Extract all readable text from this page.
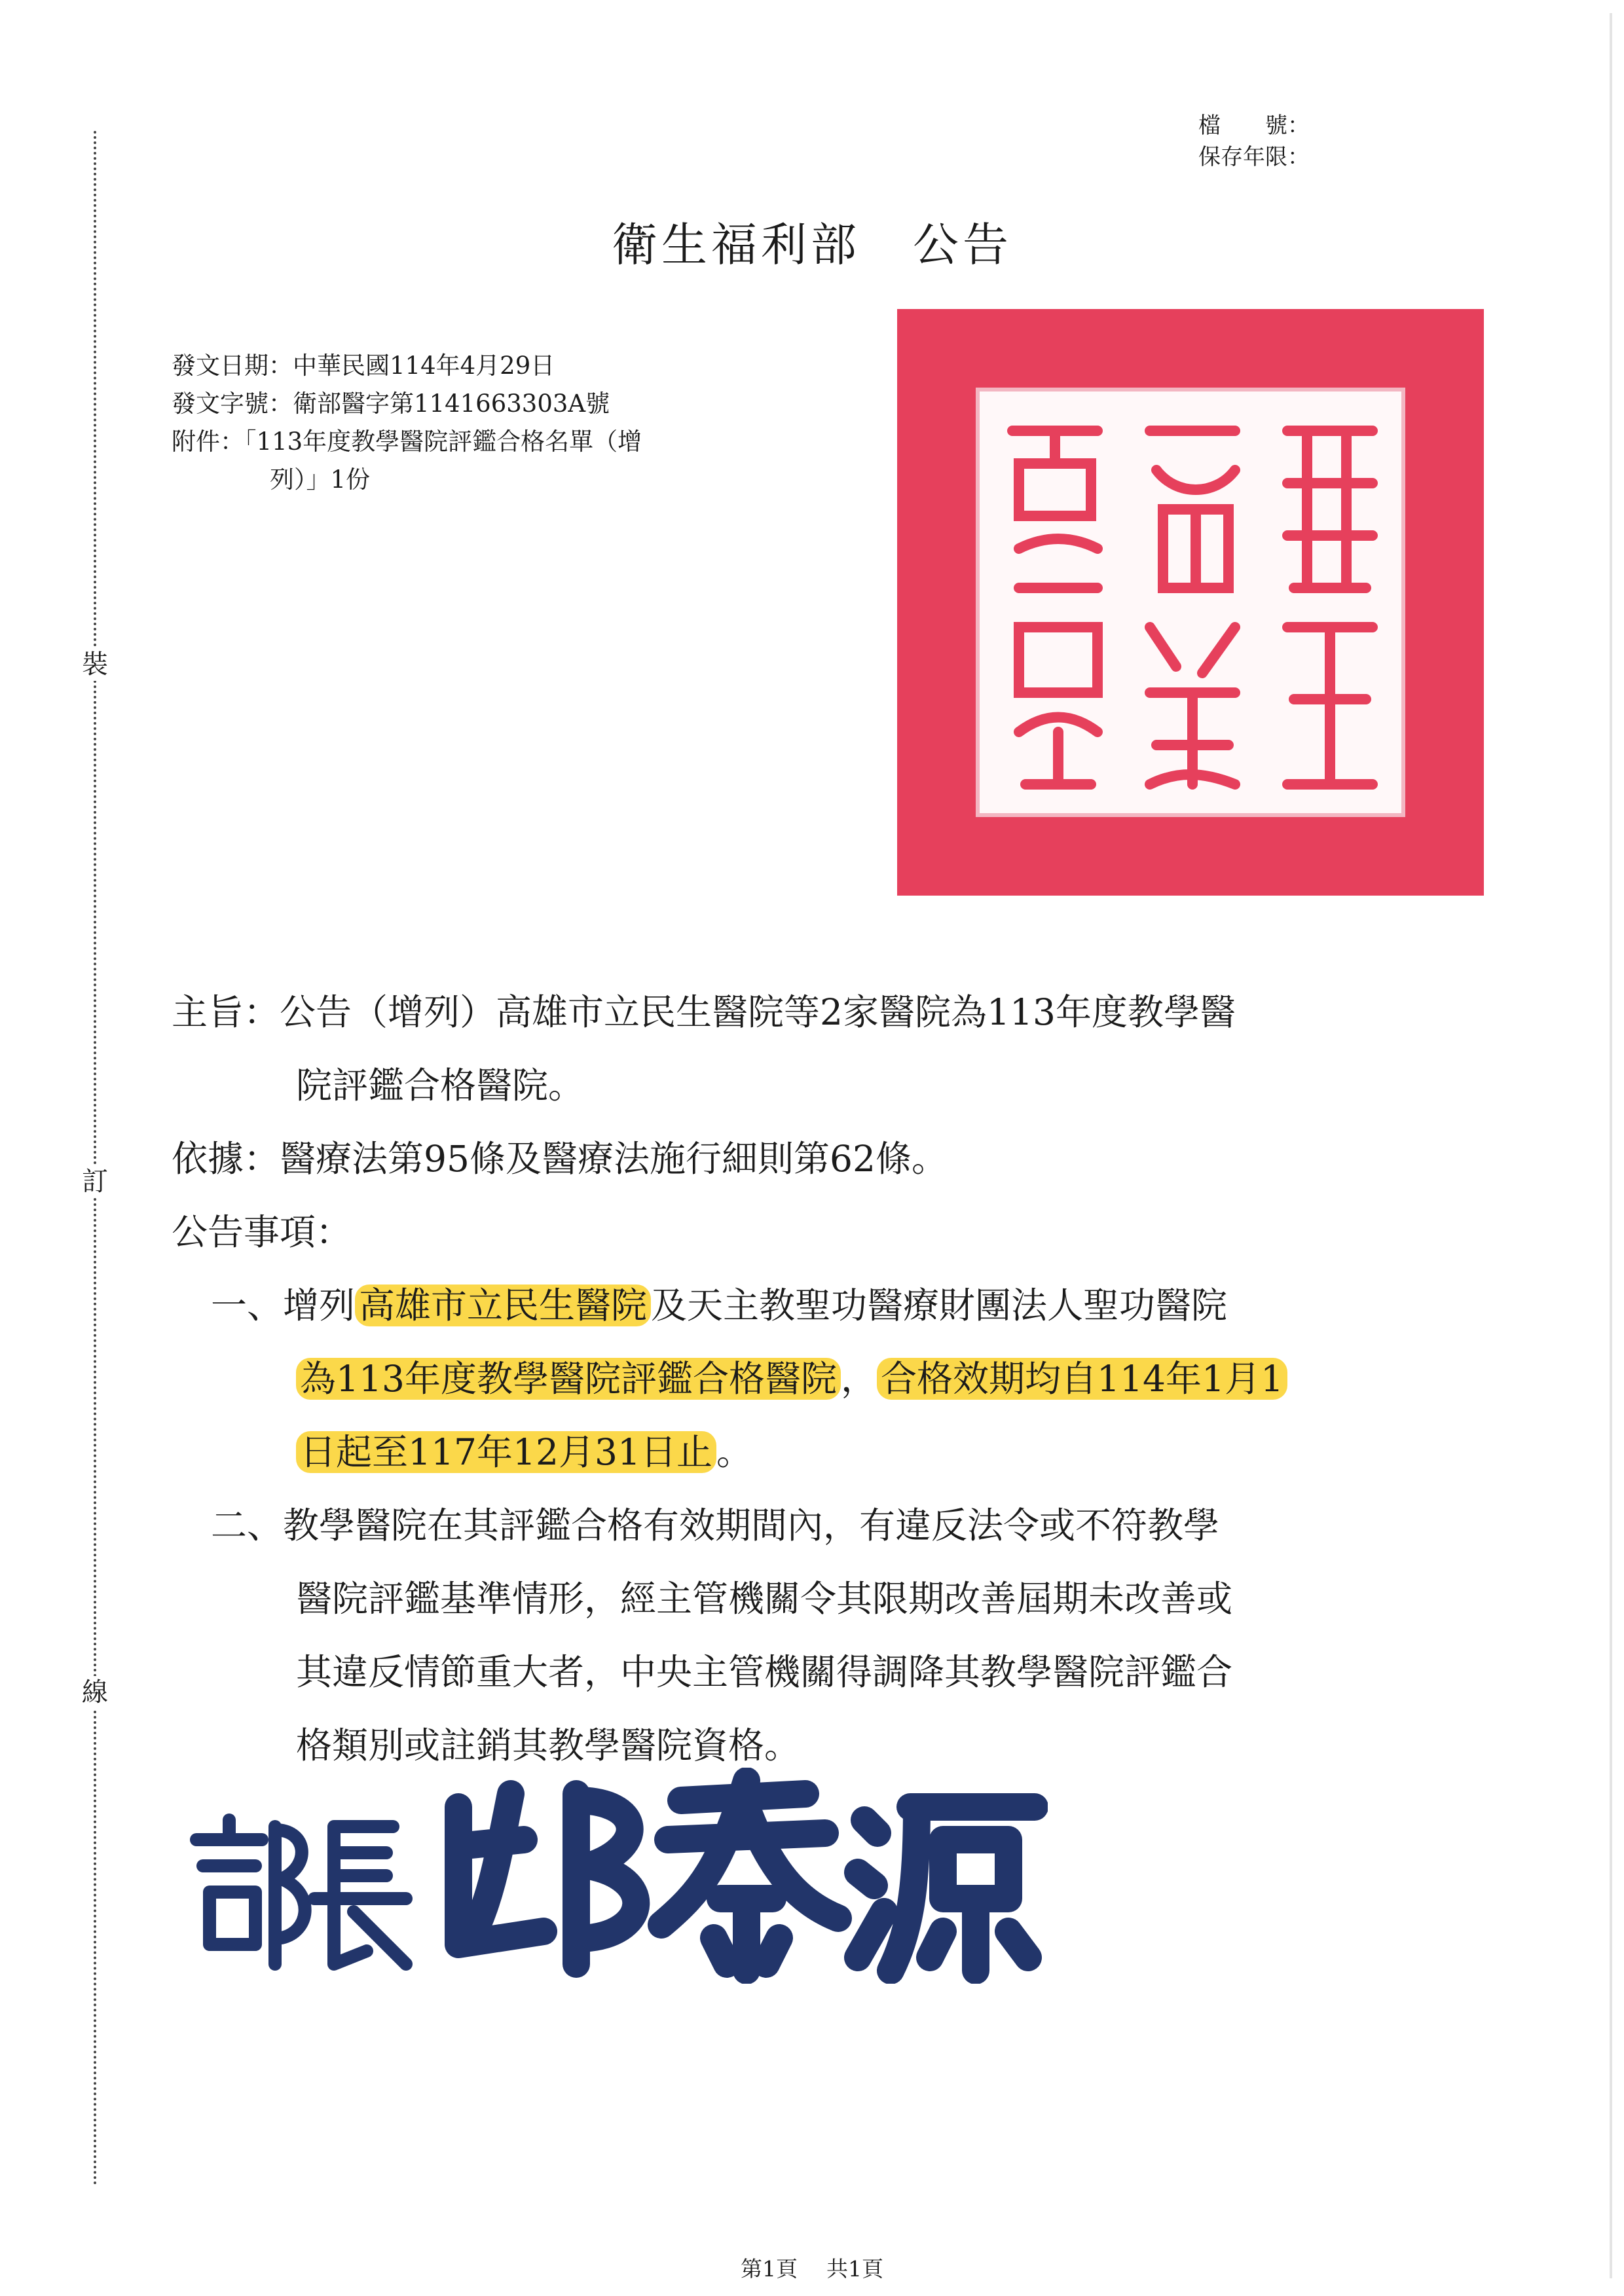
裝
訂
線
檔　　號：
保存年限：
衛生福利部 公告
發文日期：中華民國114年4月29日
發文字號：衛部醫字第1141663303A號
附件：「113年度教學醫院評鑑合格名單（增
列）」1份
主旨：公告（增列）高雄市立民生醫院等2家醫院為113年度教學醫
院評鑑合格醫院。
依據：醫療法第95條及醫療法施行細則第62條。
公告事項：
一、增列 高雄市立民生醫院 及天主教聖功醫療財團法人聖功醫院
為113年度教學醫院評鑑合格醫院 ， 合格效期均自114年1月1
日起至117年12月31日止 。
二、教學醫院在其評鑑合格有效期間內，有違反法令或不符教學
醫院評鑑基準情形，經主管機關令其限期改善屆期未改善或
其違反情節重大者，中央主管機關得調降其教學醫院評鑑合
格類別或註銷其教學醫院資格。
第1頁 共1頁
